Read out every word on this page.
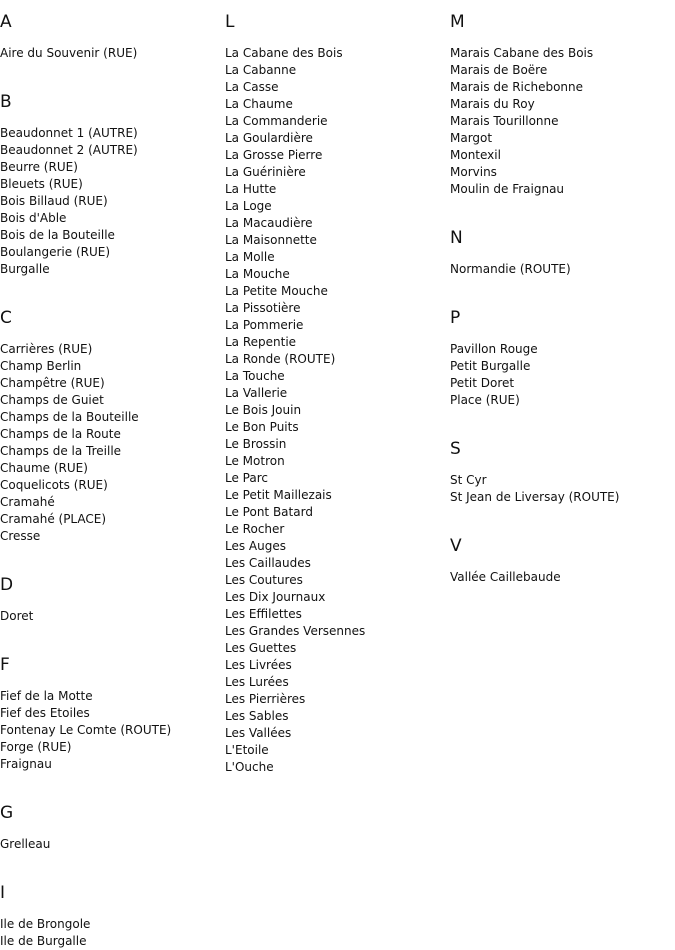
A
Aire du Souvenir (RUE)
B
Beaudonnet 1 (AUTRE)
Beaudonnet 2 (AUTRE)
Beurre (RUE)
Bleuets (RUE)
Bois Billaud (RUE)
Bois d'Able
Bois de la Bouteille
Boulangerie (RUE)
Burgalle
C
Carrières (RUE)
Champ Berlin
Champêtre (RUE)
Champs de Guiet
Champs de la Bouteille
Champs de la Route
Champs de la Treille
Chaume (RUE)
Coquelicots (RUE)
Cramahé
Cramahé (PLACE)
Cresse
D
Doret
F
Fief de la Motte
Fief des Etoiles
Fontenay Le Comte (ROUTE)
Forge (RUE)
Fraignau
G
Grelleau
I
Ile de Brongole
Ile de Burgalle
L
La Cabane des Bois
La Cabanne
La Casse
La Chaume
La Commanderie
La Goulardière
La Grosse Pierre
La Guérinière
La Hutte
La Loge
La Macaudière
La Maisonnette
La Molle
La Mouche
La Petite Mouche
La Pissotière
La Pommerie
La Repentie
La Ronde (ROUTE)
La Touche
La Vallerie
Le Bois Jouin
Le Bon Puits
Le Brossin
Le Motron
Le Parc
Le Petit Maillezais
Le Pont Batard
Le Rocher
Les Auges
Les Caillaudes
Les Coutures
Les Dix Journaux
Les Effilettes
Les Grandes Versennes
Les Guettes
Les Livrées
Les Lurées
Les Pierrières
Les Sables
Les Vallées
L'Etoile
L'Ouche
M
Marais Cabane des Bois
Marais de Boëre
Marais de Richebonne
Marais du Roy
Marais Tourillonne
Margot
Montexil
Morvins
Moulin de Fraignau
N
Normandie (ROUTE)
P
Pavillon Rouge
Petit Burgalle
Petit Doret
Place (RUE)
S
St Cyr
St Jean de Liversay (ROUTE)
V
Vallée Caillebaude
